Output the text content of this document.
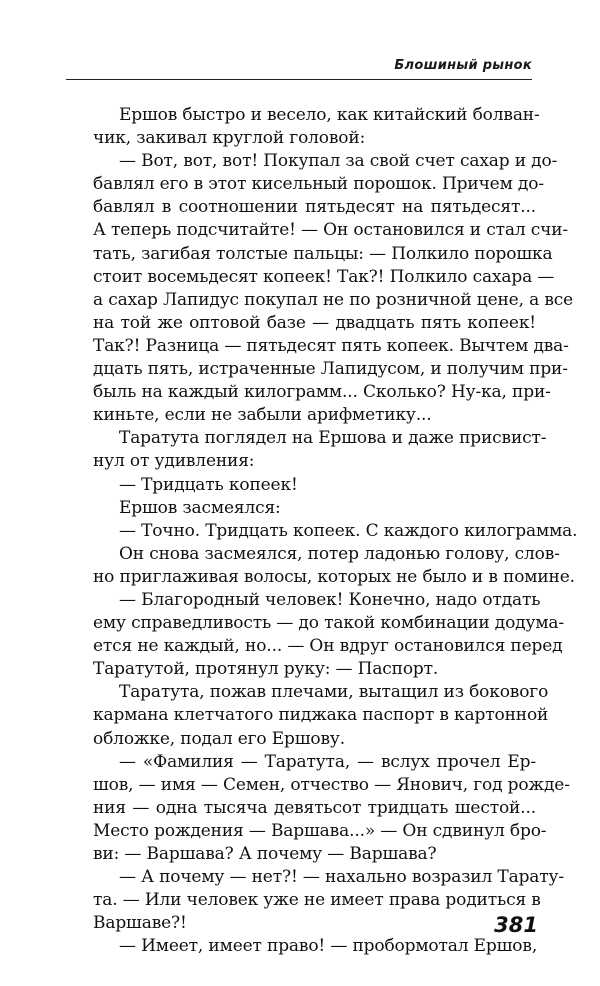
Блошиный рынок
Ершов быстро и весело, как китайский болван-
чик, закивал круглой головой:
— Вот, вот, вот! Покупал за свой счет сахар и до-
бавлял его в этот кисельный порошок. Причем до-
бавлял в соотношении пятьдесят на пятьдесят...
А теперь подсчитайте! — Он остановился и стал счи-
тать, загибая толстые пальцы: — Полкило порошка
стоит восемьдесят копеек! Так?! Полкило сахара —
а сахар Лапидус покупал не по розничной цене, а все
на той же оптовой базе — двадцать пять копеек!
Так?! Разница — пятьдесят пять копеек. Вычтем два-
дцать пять, истраченные Лапидусом, и получим при-
быль на каждый килограмм... Сколько? Ну-ка, при-
киньте, если не забыли арифметику...
Таратута поглядел на Ершова и даже присвист-
нул от удивления:
— Тридцать копеек!
Ершов засмеялся:
— Точно. Тридцать копеек. С каждого килограмма.
Он снова засмеялся, потер ладонью голову, слов-
но приглаживая волосы, которых не было и в помине.
— Благородный человек! Конечно, надо отдать
ему справедливость — до такой комбинации додума-
ется не каждый, но... — Он вдруг остановился перед
Таратутой, протянул руку: — Паспорт.
Таратута, пожав плечами, вытащил из бокового
кармана клетчатого пиджака паспорт в картонной
обложке, подал его Ершову.
— «Фамилия — Таратута, — вслух прочел Ер-
шов, — имя — Семен, отчество — Янович, год рожде-
ния — одна тысяча девятьсот тридцать шестой...
Место рождения — Варшава...» — Он сдвинул бро-
ви: — Варшава? А почему — Варшава?
— А почему — нет?! — нахально возразил Тарату-
та. — Или человек уже не имеет права родиться в
Варшаве?!
— Имеет, имеет право! — пробормотал Ершов,
381
